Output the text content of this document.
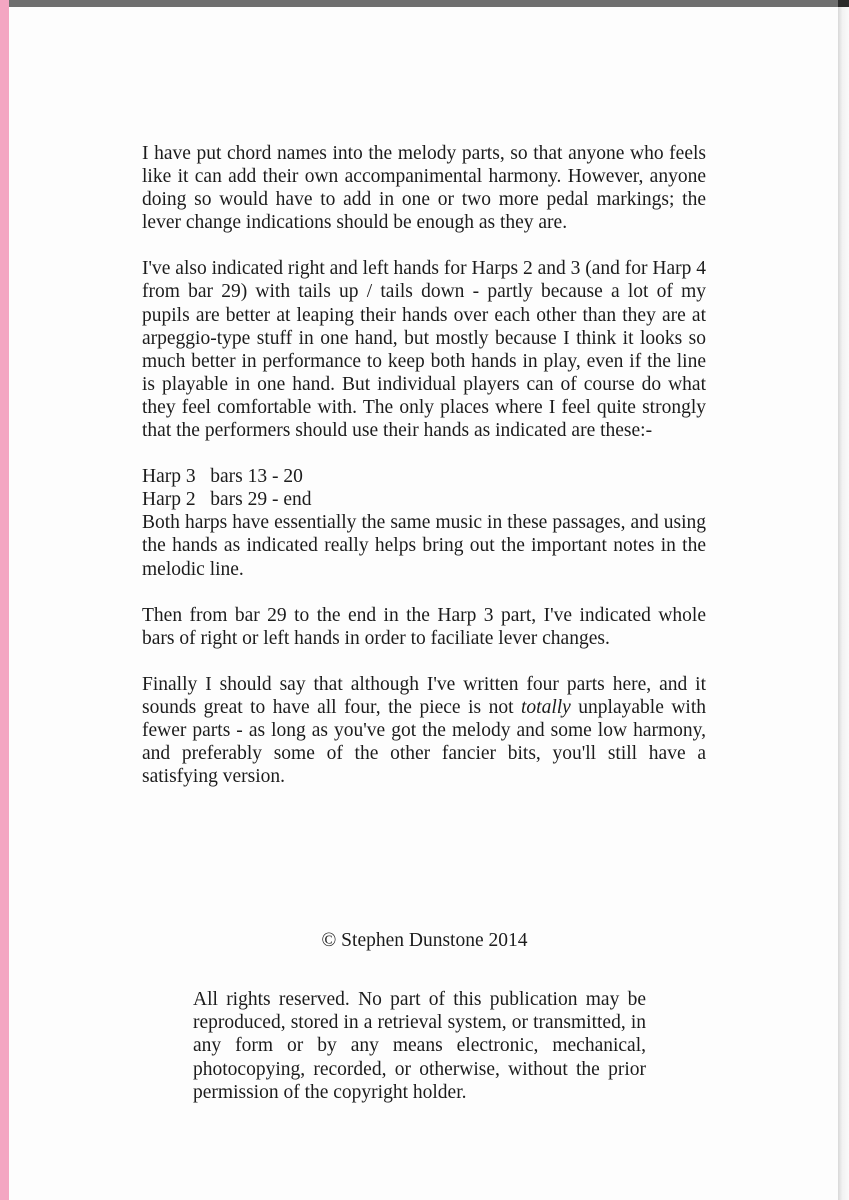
I have put chord names into the melody parts, so that anyone who feels like it can add their own accompanimental harmony. However, anyone doing so would have to add in one or two more pedal markings; the lever change indications should be enough as they are.

I've also indicated right and left hands for Harps 2 and 3 (and for Harp 4 from bar 29) with tails up / tails down - partly because a lot of my pupils are better at leaping their hands over each other than they are at arpeggio-type stuff in one hand, but mostly because I think it looks so much better in performance to keep both hands in play, even if the line is playable in one hand. But individual players can of course do what they feel comfortable with. The only places where I feel quite strongly that the performers should use their hands as indicated are these:-

Harp 3   bars 13 - 20
Harp 2   bars 29 - end

Both harps have essentially the same music in these passages, and using the hands as indicated really helps bring out the important notes in the melodic line.

Then from bar 29 to the end in the Harp 3 part, I've indicated whole bars of right or left hands in order to faciliate lever changes.

Finally I should say that although I've written four parts here, and it sounds great to have all four, the piece is not totally unplayable with fewer parts - as long as you've got the melody and some low harmony, and preferably some of the other fancier bits, you'll still have a satisfying version.

© Stephen Dunstone 2014

All rights reserved. No part of this publication may be reproduced, stored in a retrieval system, or transmitted, in any form or by any means electronic, mechanical, photocopying, recorded, or otherwise, without the prior permission of the copyright holder.
